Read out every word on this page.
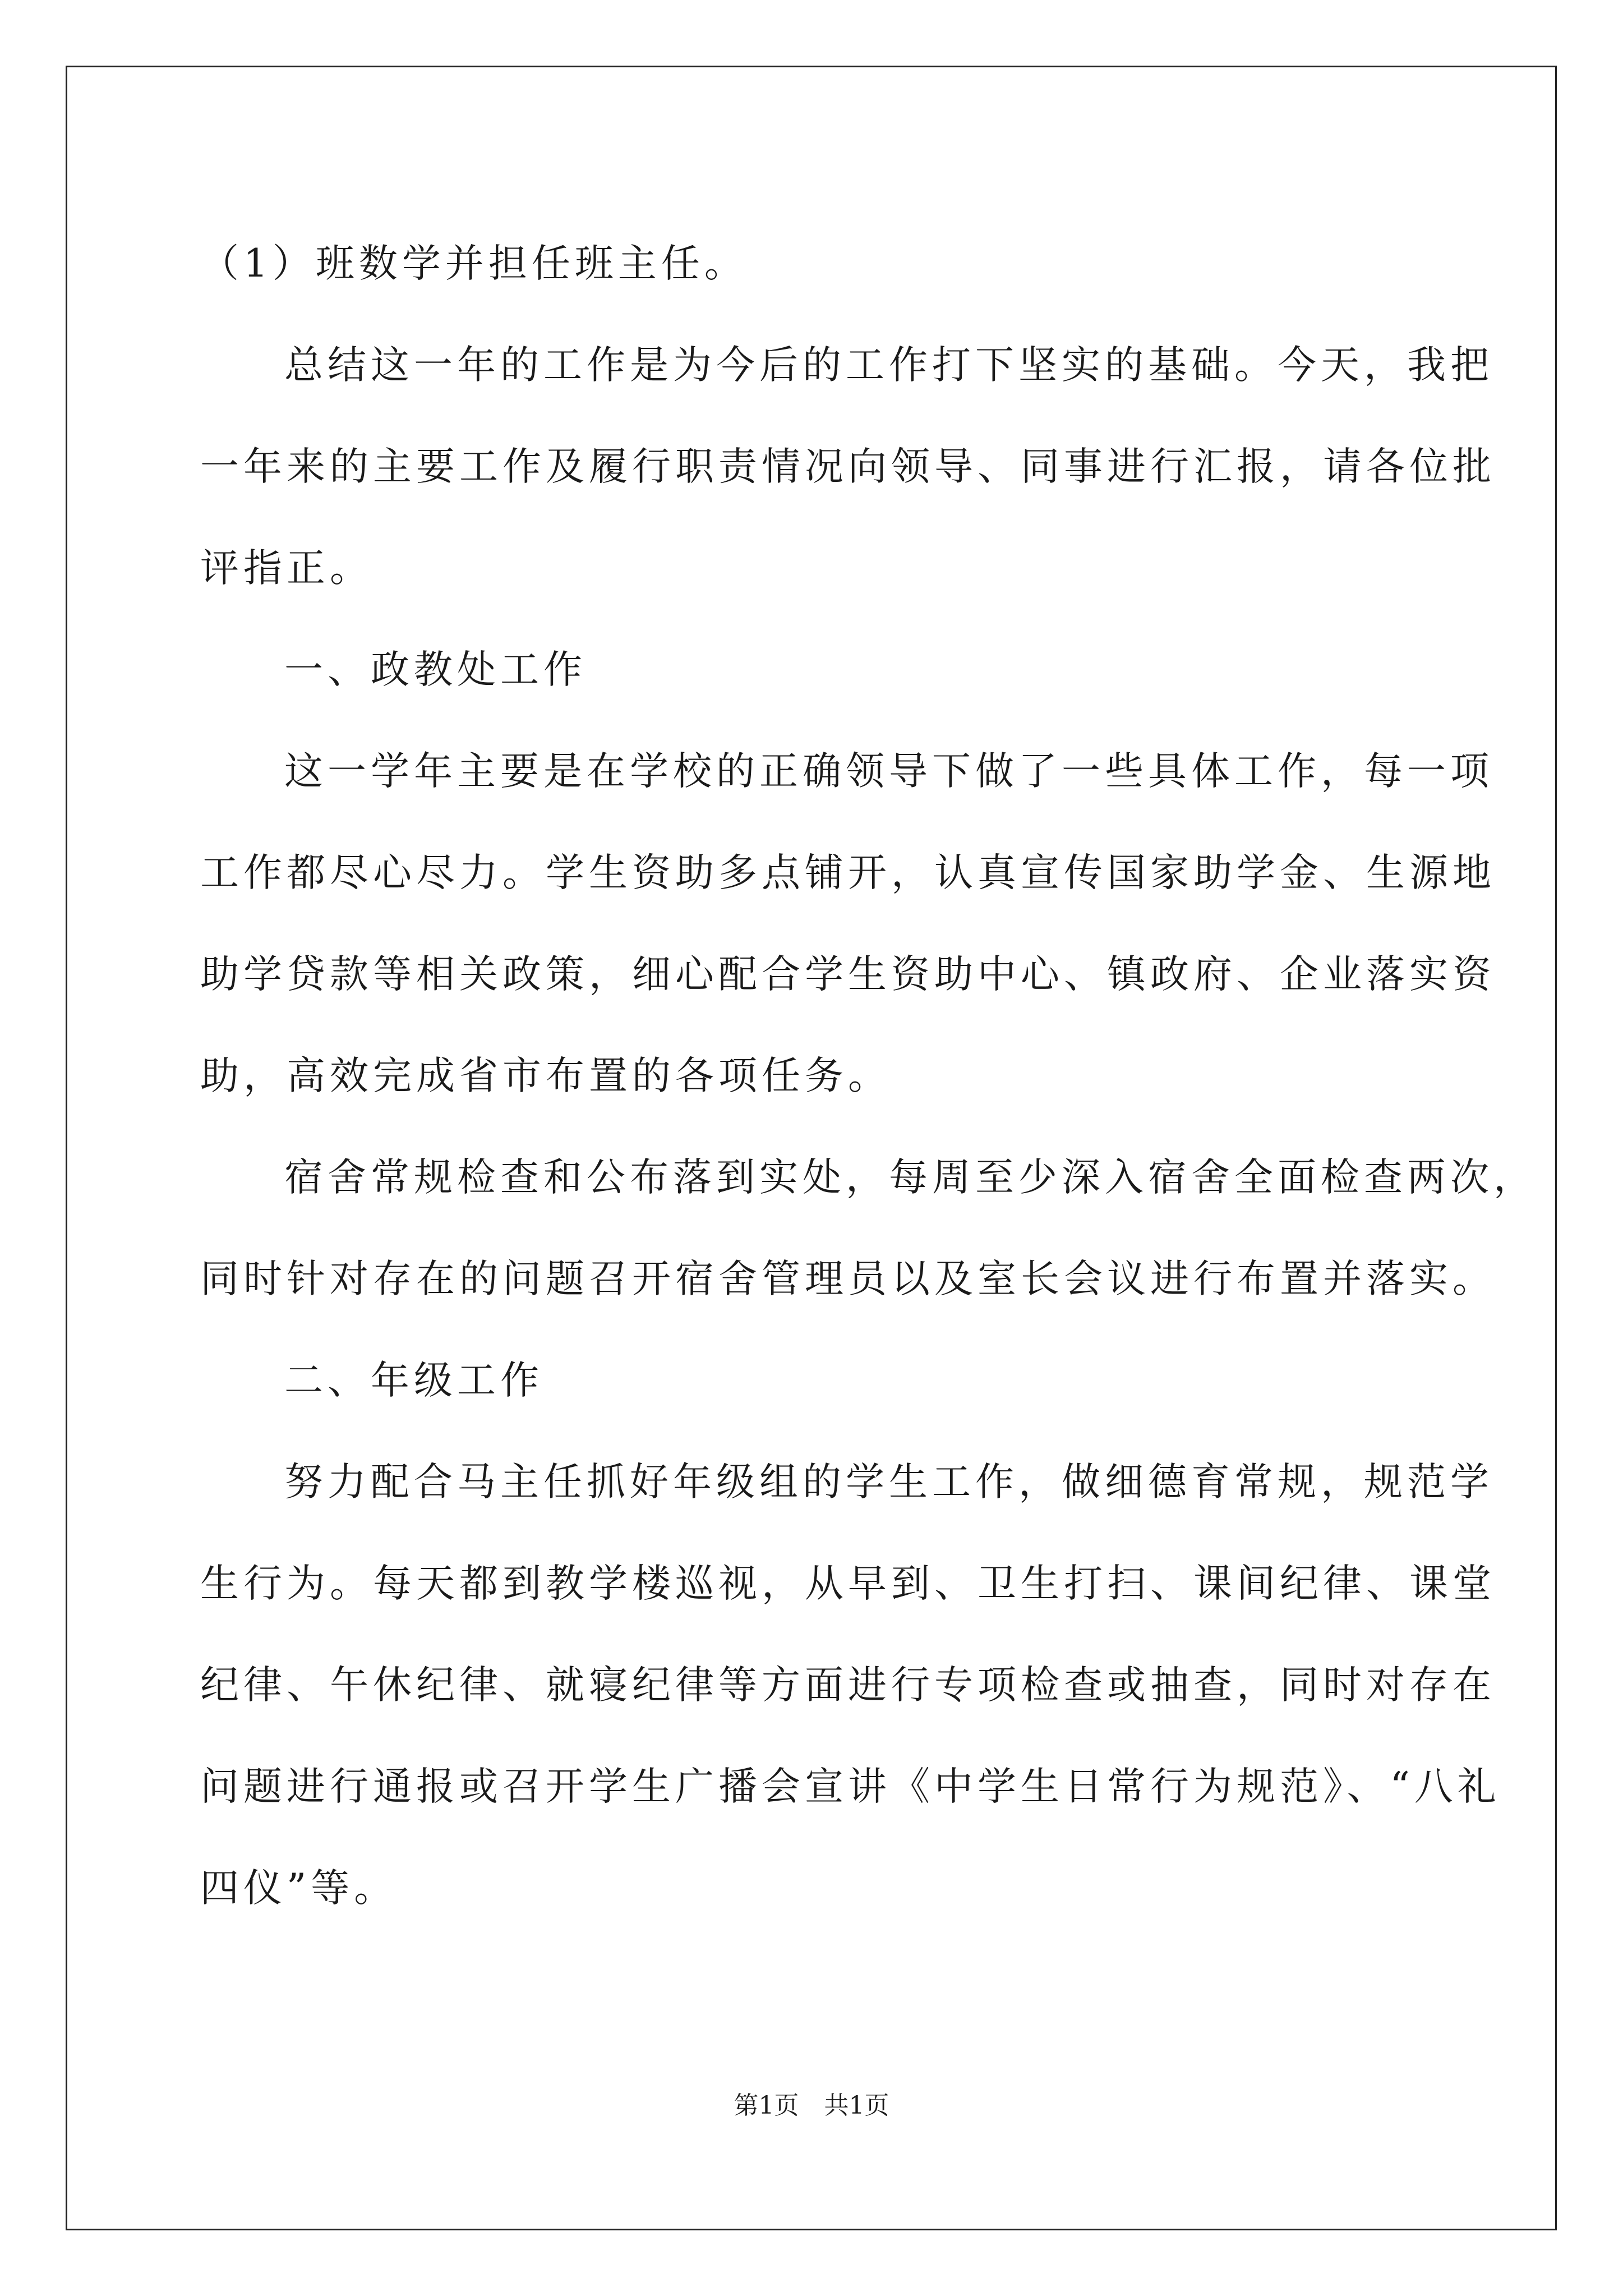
（1）班数学并担任班主任。

总结这一年的工作是为今后的工作打下坚实的基础。今天，我把

一年来的主要工作及履行职责情况向领导、同事进行汇报，请各位批

评指正。

一、政教处工作

这一学年主要是在学校的正确领导下做了一些具体工作，每一项

工作都尽心尽力。学生资助多点铺开，认真宣传国家助学金、生源地

助学贷款等相关政策，细心配合学生资助中心、镇政府、企业落实资

助，高效完成省市布置的各项任务。

宿舍常规检查和公布落到实处，每周至少深入宿舍全面检查两次，

同时针对存在的问题召开宿舍管理员以及室长会议进行布置并落实。

二、年级工作

努力配合马主任抓好年级组的学生工作，做细德育常规，规范学

生行为。每天都到教学楼巡视，从早到、卫生打扫、课间纪律、课堂

纪律、午休纪律、就寝纪律等方面进行专项检查或抽查，同时对存在

问题进行通报或召开学生广播会宣讲《中学生日常行为规范》、“八礼

四仪”等。

第1页 共1页
